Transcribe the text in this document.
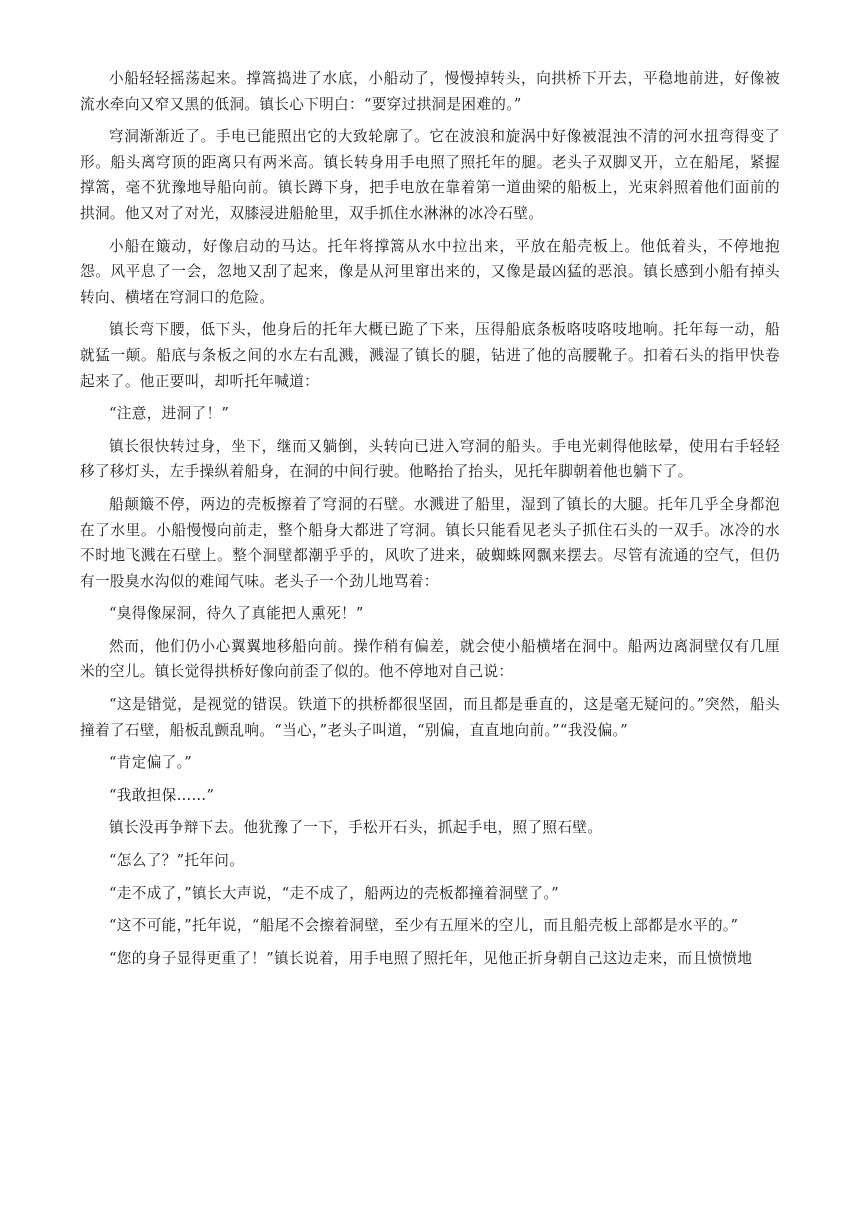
小船轻轻摇荡起来。撑篙捣进了水底，小船动了，慢慢掉转头，向拱桥下开去，平稳地前进，好像被流水牵向又窄又黑的低洞。镇长心下明白：“要穿过拱洞是困难的。”

穹洞渐渐近了。手电已能照出它的大致轮廓了。它在波浪和旋涡中好像被混浊不清的河水扭弯得变了形。船头离穹顶的距离只有两米高。镇长转身用手电照了照托年的腿。老头子双脚叉开，立在船尾，紧握撑篙，毫不犹豫地导船向前。镇长蹲下身，把手电放在靠着第一道曲梁的船板上，光束斜照着他们面前的拱洞。他又对了对光，双膝浸进船舱里，双手抓住水淋淋的冰冷石壁。

小船在簸动，好像启动的马达。托年将撑篙从水中拉出来，平放在船壳板上。他低着头，不停地抱怨。风平息了一会，忽地又刮了起来，像是从河里窜出来的，又像是最凶猛的恶浪。镇长感到小船有掉头转向、横堵在穹洞口的危险。

镇长弯下腰，低下头，他身后的托年大概已跪了下来，压得船底条板咯吱咯吱地响。托年每一动，船就猛一颠。船底与条板之间的水左右乱溅，溅湿了镇长的腿，钻进了他的高腰靴子。扣着石头的指甲快卷起来了。他正要叫，却听托年喊道：

“注意，进洞了！”

镇长很快转过身，坐下，继而又躺倒，头转向已进入穹洞的船头。手电光刺得他眩晕，使用右手轻轻移了移灯头，左手操纵着船身，在洞的中间行驶。他略抬了抬头，见托年脚朝着他也躺下了。

船颠簸不停，两边的壳板擦着了穹洞的石壁。水溅进了船里，湿到了镇长的大腿。托年几乎全身都泡在了水里。小船慢慢向前走，整个船身大都进了穹洞。镇长只能看见老头子抓住石头的一双手。冰冷的水不时地飞溅在石壁上。整个洞壁都潮乎乎的，风吹了进来，破蜘蛛网飘来摆去。尽管有流通的空气，但仍有一股臭水沟似的难闻气味。老头子一个劲儿地骂着：

“臭得像屎洞，待久了真能把人熏死！”

然而，他们仍小心翼翼地移船向前。操作稍有偏差，就会使小船横堵在洞中。船两边离洞壁仅有几厘米的空儿。镇长觉得拱桥好像向前歪了似的。他不停地对自己说：

“这是错觉，是视觉的错误。铁道下的拱桥都很坚固，而且都是垂直的，这是毫无疑问的。”突然，船头撞着了石壁，船板乱颤乱响。“当心，”老头子叫道，“别偏，直直地向前。”“我没偏。”

“肯定偏了。”

“我敢担保……”

镇长没再争辩下去。他犹豫了一下，手松开石头，抓起手电，照了照石壁。

“怎么了？”托年问。

“走不成了，”镇长大声说，“走不成了，船两边的壳板都撞着洞壁了。”

“这不可能，”托年说，“船尾不会擦着洞壁，至少有五厘米的空儿，而且船壳板上部都是水平的。”

“您的身子显得更重了！”镇长说着，用手电照了照托年，见他正折身朝自己这边走来，而且愤愤地
